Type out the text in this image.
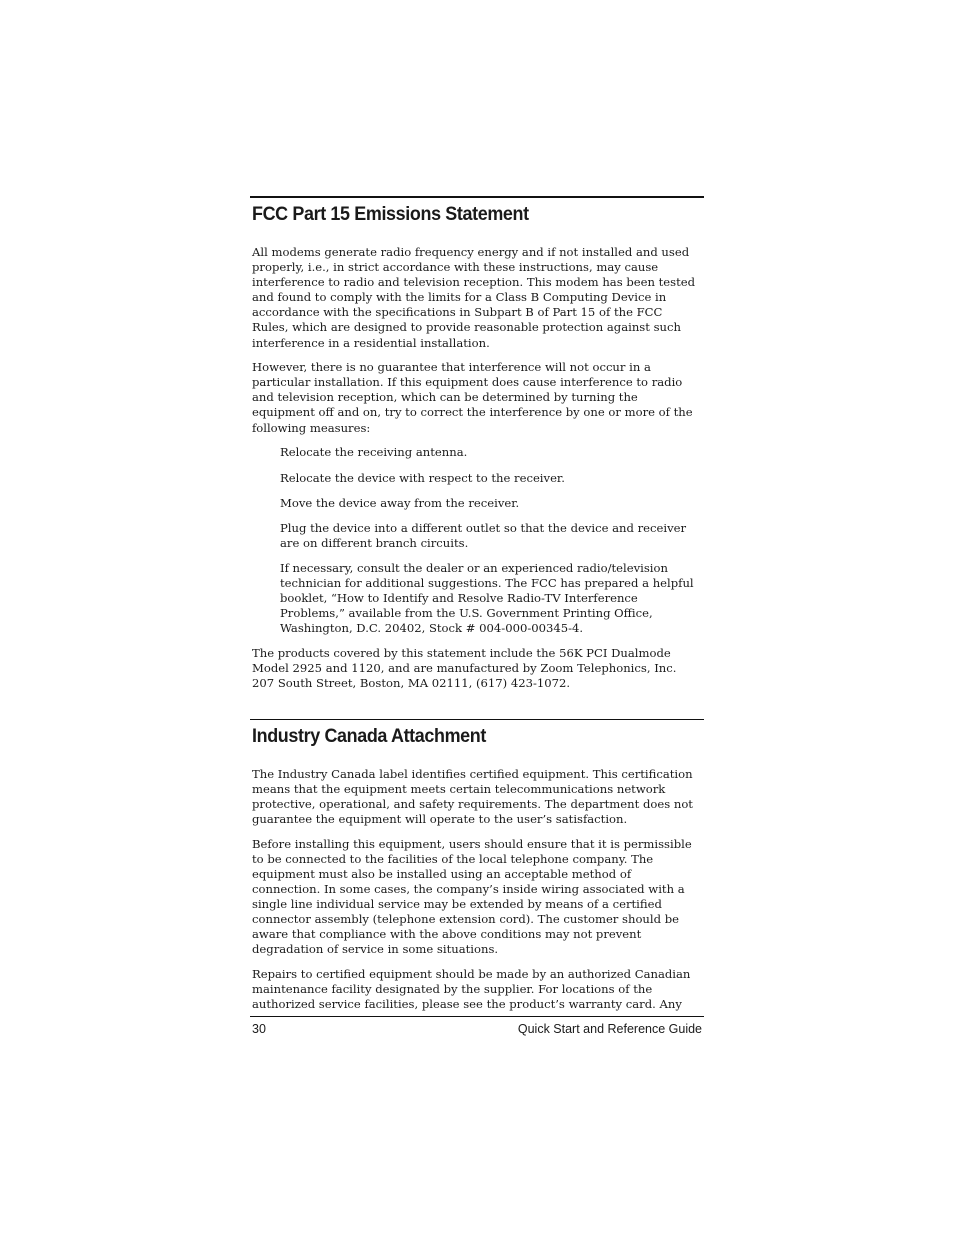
FCC Part 15 Emissions Statement

All modems generate radio frequency energy and if not installed and used properly, i.e., in strict accordance with these instructions, may cause interference to radio and television reception. This modem has been tested and found to comply with the limits for a Class B Computing Device in accordance with the specifications in Subpart B of Part 15 of the FCC Rules, which are designed to provide reasonable protection against such interference in a residential installation.

However, there is no guarantee that interference will not occur in a particular installation. If this equipment does cause interference to radio and television reception, which can be determined by turning the equipment off and on, try to correct the interference by one or more of the following measures:

Relocate the receiving antenna.

Relocate the device with respect to the receiver.

Move the device away from the receiver.

Plug the device into a different outlet so that the device and receiver are on different branch circuits.

If necessary, consult the dealer or an experienced radio/television technician for additional suggestions. The FCC has prepared a helpful booklet, “How to Identify and Resolve Radio-TV Interference Problems,” available from the U.S. Government Printing Office, Washington, D.C. 20402, Stock # 004-000-00345-4.

The products covered by this statement include the 56K PCI Dualmode Model 2925 and 1120, and are manufactured by Zoom Telephonics, Inc. 207 South Street, Boston, MA 02111, (617) 423-1072.

Industry Canada Attachment

The Industry Canada label identifies certified equipment. This certification means that the equipment meets certain telecommunications network protective, operational, and safety requirements. The department does not guarantee the equipment will operate to the user’s satisfaction.

Before installing this equipment, users should ensure that it is permissible to be connected to the facilities of the local telephone company. The equipment must also be installed using an acceptable method of connection. In some cases, the company’s inside wiring associated with a single line individual service may be extended by means of a certified connector assembly (telephone extension cord). The customer should be aware that compliance with the above conditions may not prevent degradation of service in some situations.

Repairs to certified equipment should be made by an authorized Canadian maintenance facility designated by the supplier. For locations of the authorized service facilities, please see the product’s warranty card. Any

30	Quick Start and Reference Guide
